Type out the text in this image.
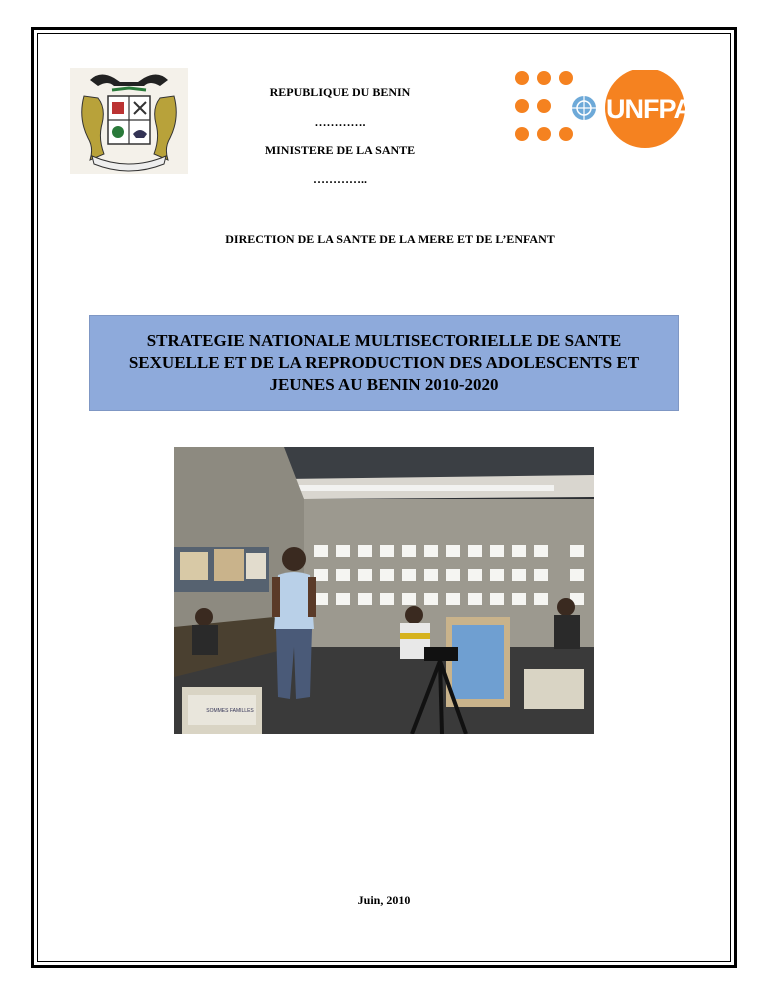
REPUBLIQUE DU BENIN
………….
MINISTERE DE LA SANTE
…………..
UNFPA
DIRECTION DE LA SANTE DE LA MERE ET DE L’ENFANT
STRATEGIE NATIONALE MULTISECTORIELLE DE SANTE SEXUELLE ET DE LA REPRODUCTION DES ADOLESCENTS ET JEUNES AU BENIN 2010-2020
SOMMES FAMILLES
Juin, 2010
